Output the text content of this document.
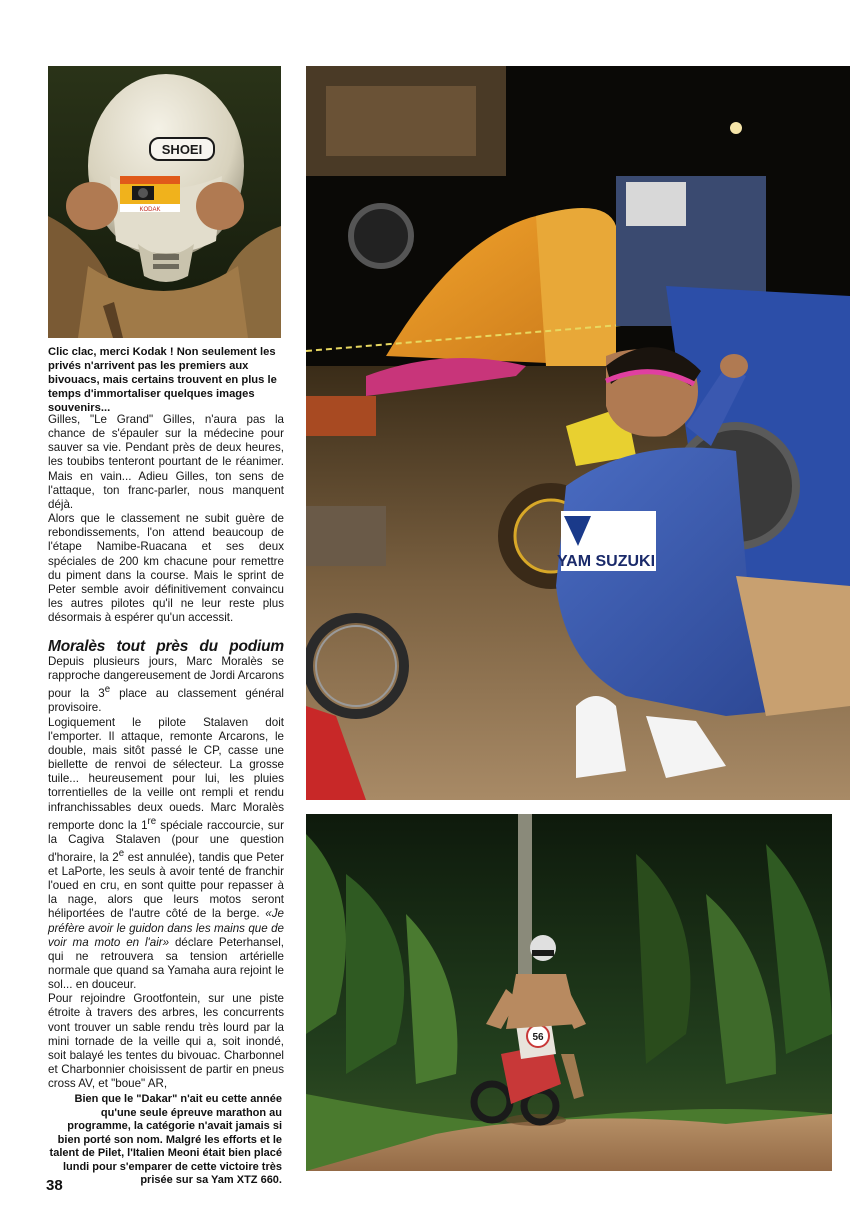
SHOEI
KODAK
YAM SUZUKI
56
Clic clac, merci Kodak ! Non seulement les privés n'arrivent pas les premiers aux bivouacs, mais certains trouvent en plus le temps d'immortaliser quelques images souvenirs...

Gilles, "Le Grand" Gilles, n'aura pas la chance de s'épauler sur la médecine pour sauver sa vie. Pendant près de deux heures, les toubibs tenteront pourtant de le réanimer. Mais en vain... Adieu Gilles, ton sens de l'attaque, ton franc-parler, nous manquent déjà.

Alors que le classement ne subit guère de rebondissements, l'on attend beaucoup de l'étape Namibe-Ruacana et ses deux spéciales de 200 km chacune pour remettre du piment dans la course. Mais le sprint de Peter semble avoir définitivement convaincu les autres pilotes qu'il ne leur reste plus désormais à espérer qu'un accessit.

Moralès tout près du podium Depuis plusieurs jours, Marc Moralès se rapproche dangereusement de Jordi Arcarons pour la 3e place au classement général provisoire.

Logiquement le pilote Stalaven doit l'emporter. Il attaque, remonte Arcarons, le double, mais sitôt passé le CP, casse une biellette de renvoi de sélecteur. La grosse tuile... heureusement pour lui, les pluies torrentielles de la veille ont rempli et rendu infranchissables deux oueds. Marc Moralès remporte donc la 1re spéciale raccourcie, sur la Cagiva Stalaven (pour une question d'horaire, la 2e est annulée), tandis que Peter et LaPorte, les seuls à avoir tenté de franchir l'oued en cru, en sont quitte pour repasser à la nage, alors que leurs motos seront héliportées de l'autre côté de la berge. «Je préfère avoir le guidon dans les mains que de voir ma moto en l'air» déclare Peterhansel, qui ne retrouvera sa tension artérielle normale que quand sa Yamaha aura rejoint le sol... en douceur.

Pour rejoindre Grootfontein, sur une piste étroite à travers des arbres, les concurrents vont trouver un sable rendu très lourd par la mini tornade de la veille qui a, soit inondé, soit balayé les tentes du bivouac. Charbonnel et Charbonnier choisissent de partir en pneus cross AV, et "boue" AR,

Bien que le "Dakar" n'ait eu cette année qu'une seule épreuve marathon au programme, la catégorie n'avait jamais si bien porté son nom. Malgré les efforts et le talent de Pilet, l'Italien Meoni était bien placé lundi pour s'emparer de cette victoire très prisée sur sa Yam XTZ 660.
38
